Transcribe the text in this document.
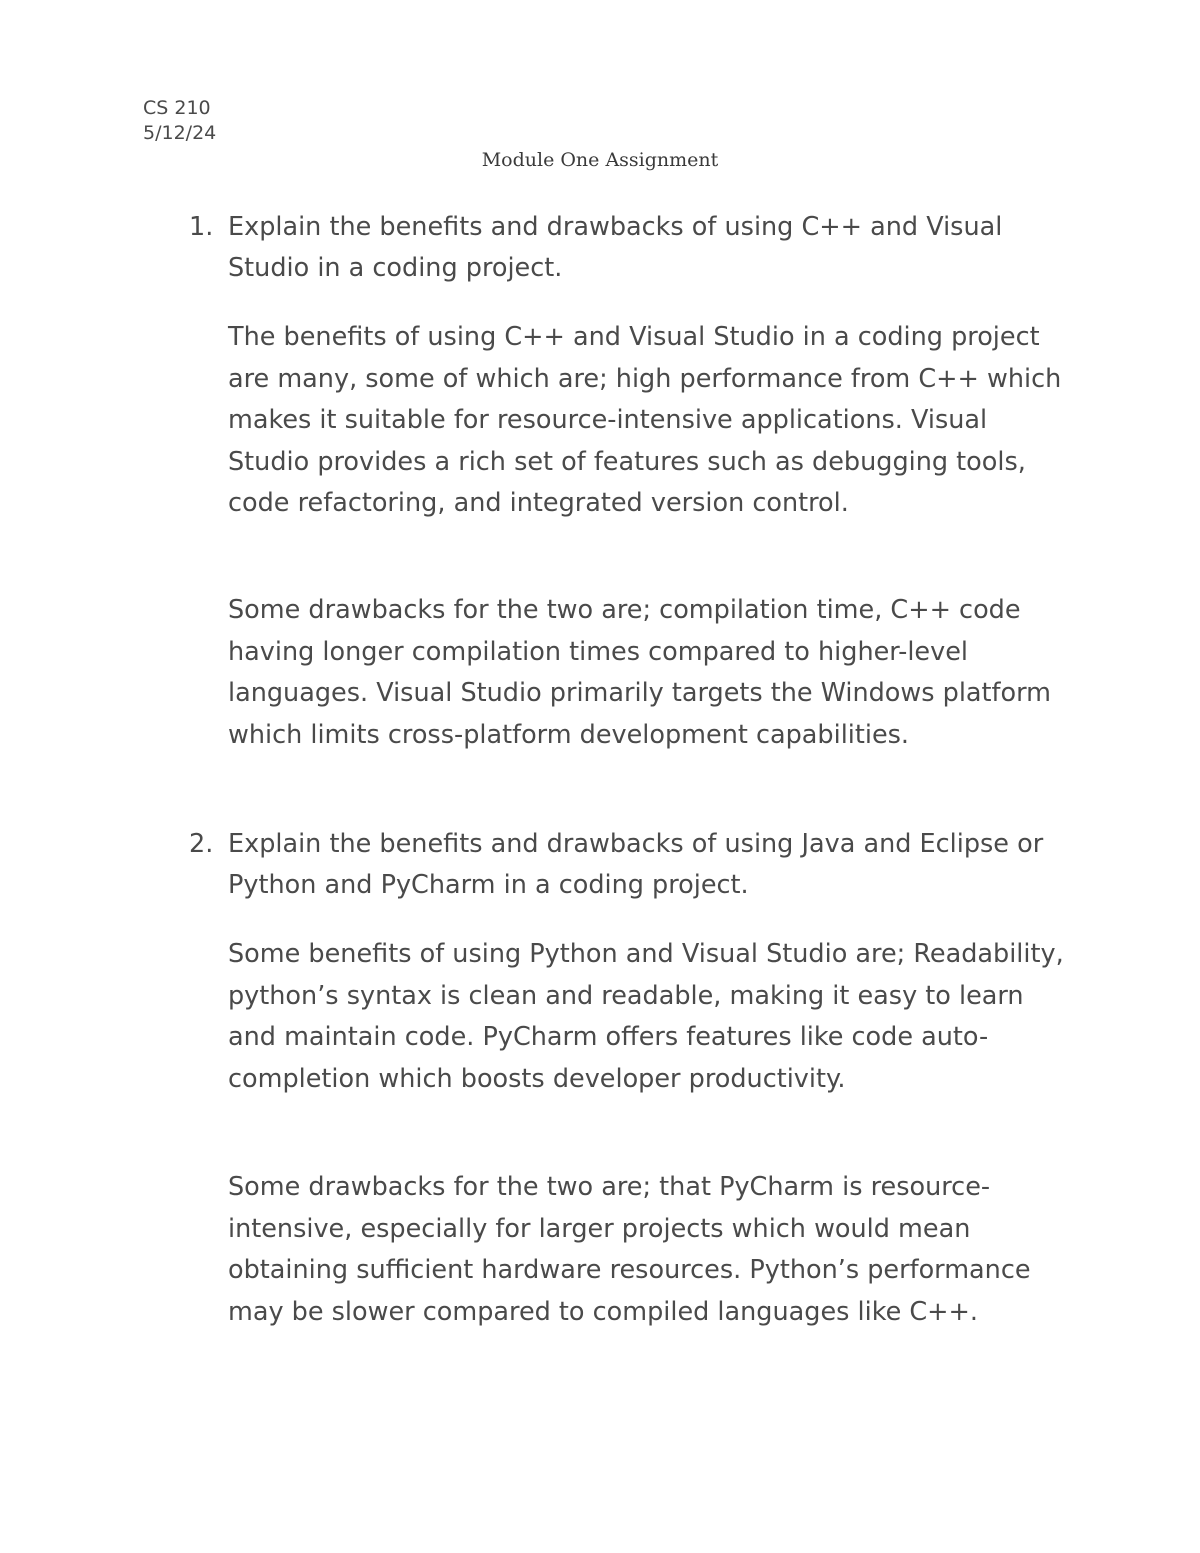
CS 210
5/12/24
Module One Assignment
1. Explain the benefits and drawbacks of using C++ and Visual Studio in a coding project.

The benefits of using C++ and Visual Studio in a coding project are many, some of which are; high performance from C++ which makes it suitable for resource-intensive applications. Visual Studio provides a rich set of features such as debugging tools, code refactoring, and integrated version control.

Some drawbacks for the two are; compilation time, C++ code having longer compilation times compared to higher-level languages. Visual Studio primarily targets the Windows platform which limits cross-platform development capabilities.

2. Explain the benefits and drawbacks of using Java and Eclipse or Python and PyCharm in a coding project.

Some benefits of using Python and Visual Studio are; Readability, python’s syntax is clean and readable, making it easy to learn and maintain code. PyCharm offers features like code auto-completion which boosts developer productivity.

Some drawbacks for the two are; that PyCharm is resource-intensive, especially for larger projects which would mean obtaining sufficient hardware resources. Python’s performance may be slower compared to compiled languages like C++.
